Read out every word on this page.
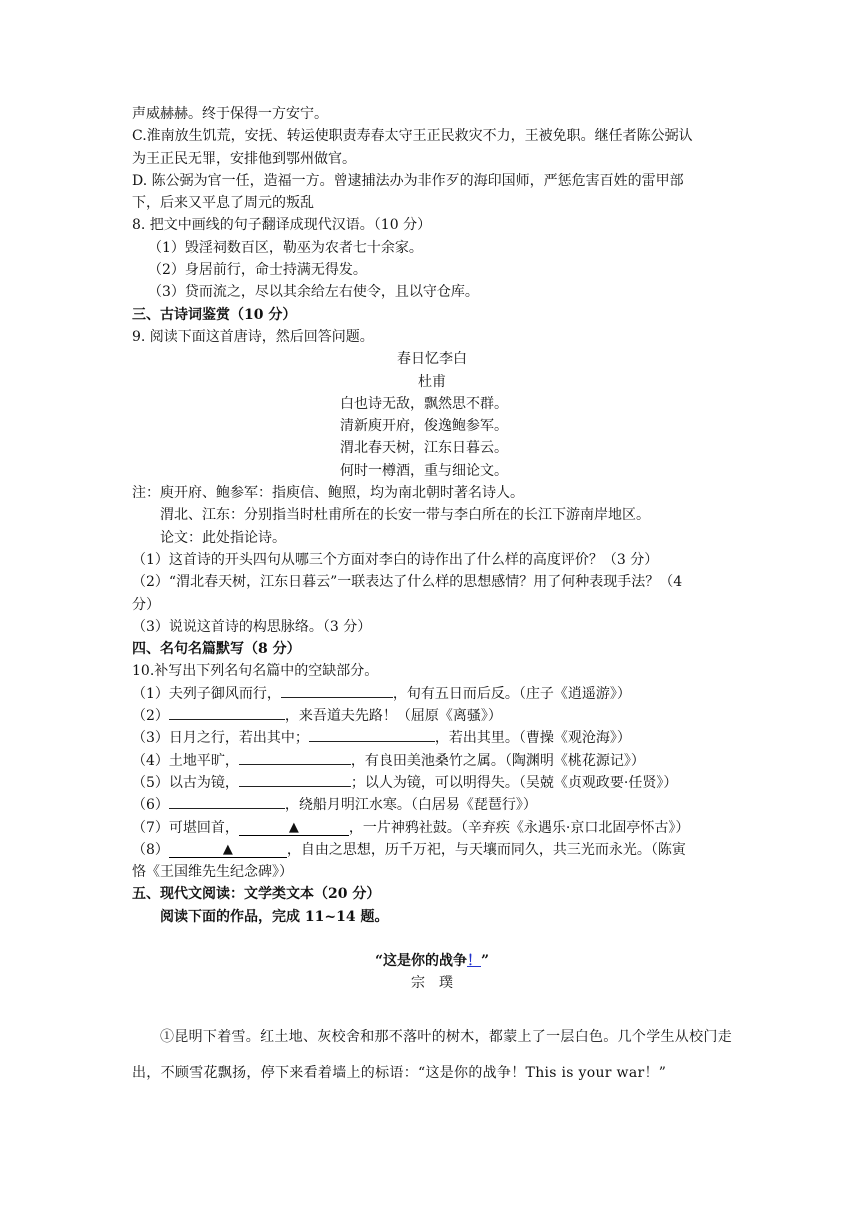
声威赫赫。终于保得一方安宁。
C.淮南放生饥荒，安抚、转运使职责寿春太守王正民救灾不力，王被免职。继任者陈公弼认
为王正民无罪，安排他到鄂州做官。
D. 陈公弼为官一任，造福一方。曾逮捕法办为非作歹的海印国师，严惩危害百姓的雷甲部
下，后来又平息了周元的叛乱
8. 把文中画线的句子翻译成现代汉语。（10 分）
（1）毁淫祠数百区，勒巫为农者七十余家。
（2）身居前行，命士持满无得发。
（3）贷而流之，尽以其余给左右使令，且以守仓库。
三、古诗词鉴赏（10 分）
9. 阅读下面这首唐诗，然后回答问题。
春日忆李白
杜甫
白也诗无敌，飘然思不群。
清新庾开府，俊逸鲍参军。
渭北春天树，江东日暮云。
何时一樽酒，重与细论文。
注：庾开府、鲍参军：指庾信、鲍照，均为南北朝时著名诗人。
渭北、江东：分别指当时杜甫所在的长安一带与李白所在的长江下游南岸地区。
论文：此处指论诗。
（1）这首诗的开头四句从哪三个方面对李白的诗作出了什么样的高度评价？（3 分）
（2）“渭北春天树，江东日暮云”一联表达了什么样的思想感情？用了何种表现手法？（4
分）
（3）说说这首诗的构思脉络。（3 分）
四、名句名篇默写（8 分）
10.补写出下列名句名篇中的空缺部分。
（1）夫列子御风而行，	，旬有五日而后反。（庄子《逍遥游》）
（2）	，来吾道夫先路！（屈原《离骚》）
（3）日月之行，若出其中；	，若出其里。（曹操《观沧海》）
（4）土地平旷，	，有良田美池桑竹之属。（陶渊明《桃花源记》）
（5）以古为镜，	；以人为镜，可以明得失。（吴兢《贞观政要·任贤》）
（6）	，绕船月明江水寒。（白居易《琵琶行》）
（7）可堪回首，	▲	，一片神鸦社鼓。（辛弃疾《永遇乐·京口北固亭怀古》）
（8）	▲	，自由之思想，历千万祀，与天壤而同久，共三光而永光。（陈寅
恪《王国维先生纪念碑》）
五、现代文阅读：文学类文本（20 分）
阅读下面的作品，完成 11~14 题。
“这是你的战争！”
宗　璞
①昆明下着雪。红土地、灰校舍和那不落叶的树木，都蒙上了一层白色。几个学生从校门走出，不顾雪花飘扬，停下来看着墙上的标语：“这是你的战争！This is your war！”
